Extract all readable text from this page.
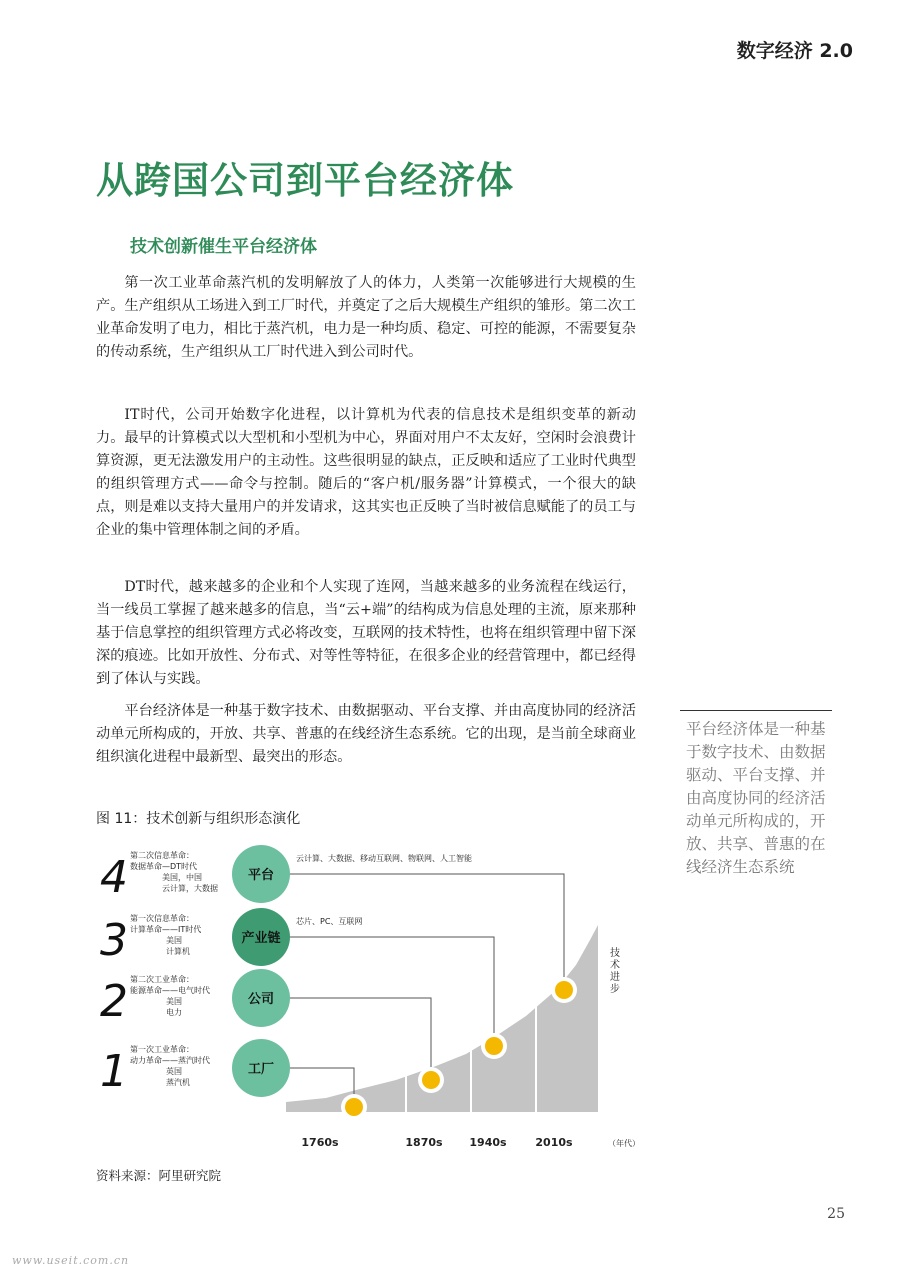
数字经济 2.0
从跨国公司到平台经济体
技术创新催生平台经济体

第一次工业革命蒸汽机的发明解放了人的体力，人类第一次能够进行大规模的生产。生产组织从工场进入到工厂时代，并奠定了之后大规模生产组织的雏形。第二次工业革命发明了电力，相比于蒸汽机，电力是一种均质、稳定、可控的能源，不需要复杂的传动系统，生产组织从工厂时代进入到公司时代。

IT时代，公司开始数字化进程，以计算机为代表的信息技术是组织变革的新动力。最早的计算模式以大型机和小型机为中心，界面对用户不太友好，空闲时会浪费计算资源，更无法激发用户的主动性。这些很明显的缺点，正反映和适应了工业时代典型的组织管理方式——命令与控制。随后的“客户机/服务器”计算模式，一个很大的缺点，则是难以支持大量用户的并发请求，这其实也正反映了当时被信息赋能了的员工与企业的集中管理体制之间的矛盾。

DT时代，越来越多的企业和个人实现了连网，当越来越多的业务流程在线运行，当一线员工掌握了越来越多的信息，当“云+端”的结构成为信息处理的主流，原来那种基于信息掌控的组织管理方式必将改变，互联网的技术特性，也将在组织管理中留下深深的痕迹。比如开放性、分布式、对等性等特征，在很多企业的经营管理中，都已经得到了体认与实践。

平台经济体是一种基于数字技术、由数据驱动、平台支撑、并由高度协同的经济活动单元所构成的，开放、共享、普惠的在线经济生态系统。它的出现，是当前全球商业组织演化进程中最新型、最突出的形态。

平台经济体是一种基于数字技术、由数据驱动、平台支撑、并由高度协同的经济活动单元所构成的，开放、共享、普惠的在线经济生态系统
图 11：技术创新与组织形态演化
4 第二次信息革命：
数据革命—DT时代
美国，中国
云计算，大数据
平台
云计算、大数据、移动互联网、物联网、人工智能
3 第一次信息革命：
计算革命——IT时代
美国
计算机
产业链
芯片、PC、互联网
2 第二次工业革命：
能源革命——电气时代
美国
电力
公司
1 第一次工业革命：
动力革命——蒸汽时代
英国
蒸汽机
工厂
1760s	1870s 1940s	2010s	（年代）
技
术
进
步
资料来源：阿里研究院
25
www.useit.com.cn
